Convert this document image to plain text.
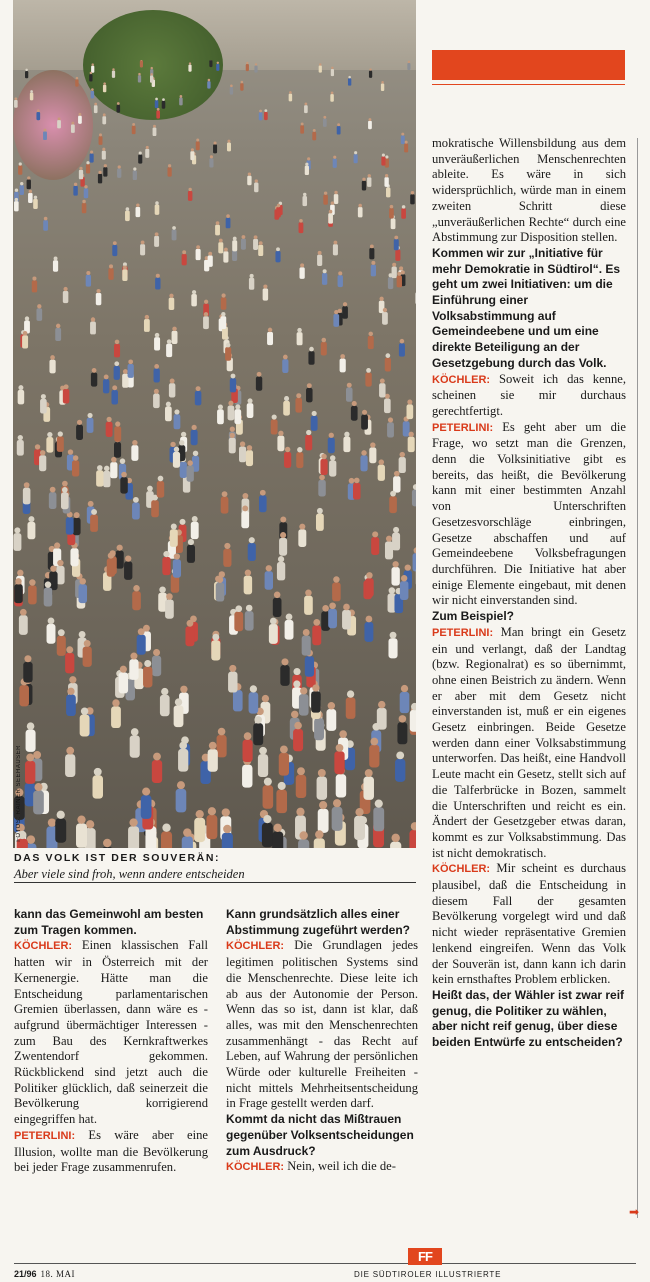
FOTOS: RAINER SEEHAUSER
DAS VOLK IST DER SOUVERÄN:
Aber viele sind froh, wenn andere entscheiden

mokratische Willensbildung aus dem unveräußerlichen Menschenrechten ableite. Es wäre in sich widersprüchlich, würde man in einem zweiten Schritt diese „unveräußerlichen Rechte“ durch eine Abstimmung zur Disposition stellen.

Kommen wir zur „Initiative für mehr Demokratie in Südtirol“. Es geht um zwei Initiativen: um die Einführung einer Volksabstimmung auf Gemeindeebene und um eine direkte Beteiligung an der Gesetzgebung durch das Volk.

KÖCHLER: Soweit ich das kenne, scheinen sie mir durchaus gerechtfertigt.

PETERLINI: Es geht aber um die Frage, wo setzt man die Grenzen, denn die Volksinitiative gibt es bereits, das heißt, die Bevölkerung kann mit einer bestimmten Anzahl von Unterschriften Gesetzesvorschläge einbringen, Gesetze abschaffen und auf Gemeindeebene Volksbefragungen durchführen. Die Initiative hat aber einige Elemente eingebaut, mit denen wir nicht einverstanden sind.

Zum Beispiel?

PETERLINI: Man bringt ein Gesetz ein und verlangt, daß der Landtag (bzw. Regionalrat) es so übernimmt, ohne einen Beistrich zu ändern. Wenn er aber mit dem Gesetz nicht einverstanden ist, muß er ein eigenes Gesetz einbringen. Beide Gesetze werden dann einer Volksabstimmung unterworfen. Das heißt, eine Handvoll Leute macht ein Gesetz, stellt sich auf die Talferbrücke in Bozen, sammelt die Unterschriften und reicht es ein. Ändert der Gesetzgeber etwas daran, kommt es zur Volksabstimmung. Das ist nicht demokratisch.

KÖCHLER: Mir scheint es durchaus plausibel, daß die Entscheidung in diesem Fall der gesamten Bevölkerung vorgelegt wird und daß nicht wieder repräsentative Gremien lenkend eingreifen. Wenn das Volk der Souverän ist, dann kann ich darin kein ernsthaftes Problem erblicken.

Heißt das, der Wähler ist zwar reif genug, die Politiker zu wählen, aber nicht reif genug, über diese beiden Entwürfe zu entscheiden?

kann das Gemeinwohl am besten zum Tragen kommen.

KÖCHLER: Einen klassischen Fall hatten wir in Österreich mit der Kernenergie. Hätte man die Entscheidung parlamentarischen Gremien überlassen, dann wäre es - aufgrund übermächtiger Interessen - zum Bau des Kernkraftwerkes Zwentendorf gekommen. Rückblickend sind jetzt auch die Politiker glücklich, daß seinerzeit die Bevölkerung korrigierend eingegriffen hat.

PETERLINI: Es wäre aber eine Illusion, wollte man die Bevölkerung bei jeder Frage zusammenrufen.

Kann grundsätzlich alles einer Abstimmung zugeführt werden?

KÖCHLER: Die Grundlagen jedes legitimen politischen Systems sind die Menschenrechte. Diese leite ich ab aus der Autonomie der Person. Wenn das so ist, dann ist klar, daß alles, was mit den Menschenrechten zusammenhängt - das Recht auf Leben, auf Wahrung der persönlichen Würde oder kulturelle Freiheiten - nicht mittels Mehrheitsentscheidung in Frage gestellt werden darf.

Kommt da nicht das Mißtrauen gegenüber Volksentscheidungen zum Ausdruck?

KÖCHLER: Nein, weil ich die de-

➡
21/96 18. MAI
FF
DIE SÜDTIROLER ILLUSTRIERTE
